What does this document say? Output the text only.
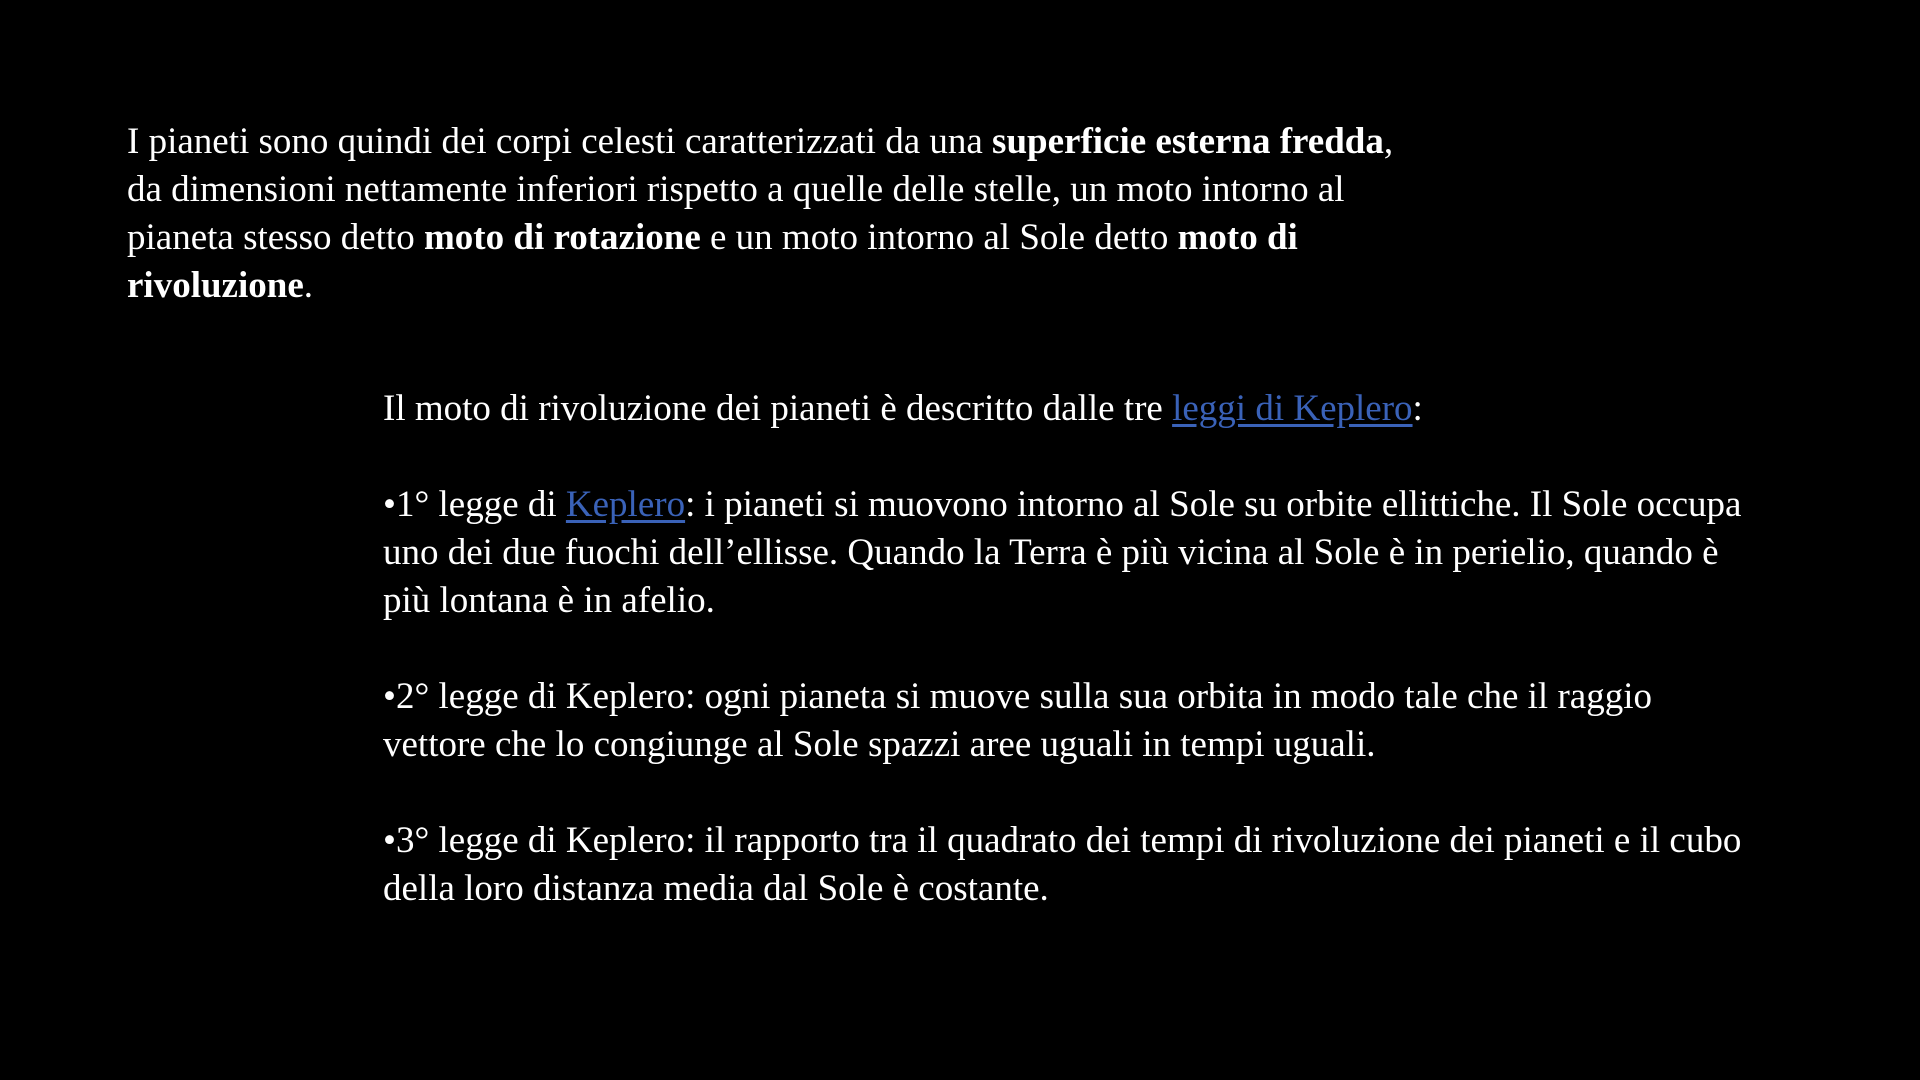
I pianeti sono quindi dei corpi celesti caratterizzati da una superficie esterna fredda, da dimensioni nettamente inferiori rispetto a quelle delle stelle, un moto intorno al pianeta stesso detto moto di rotazione e un moto intorno al Sole detto moto di rivoluzione.

Il moto di rivoluzione dei pianeti è descritto dalle tre leggi di Keplero:

•1° legge di Keplero: i pianeti si muovono intorno al Sole su orbite ellittiche. Il Sole occupa uno dei due fuochi dell’ellisse. Quando la Terra è più vicina al Sole è in perielio, quando è più lontana è in afelio.

•2° legge di Keplero: ogni pianeta si muove sulla sua orbita in modo tale che il raggio vettore che lo congiunge al Sole spazzi aree uguali in tempi uguali.

•3° legge di Keplero: il rapporto tra il quadrato dei tempi di rivoluzione dei pianeti e il cubo della loro distanza media dal Sole è costante.
